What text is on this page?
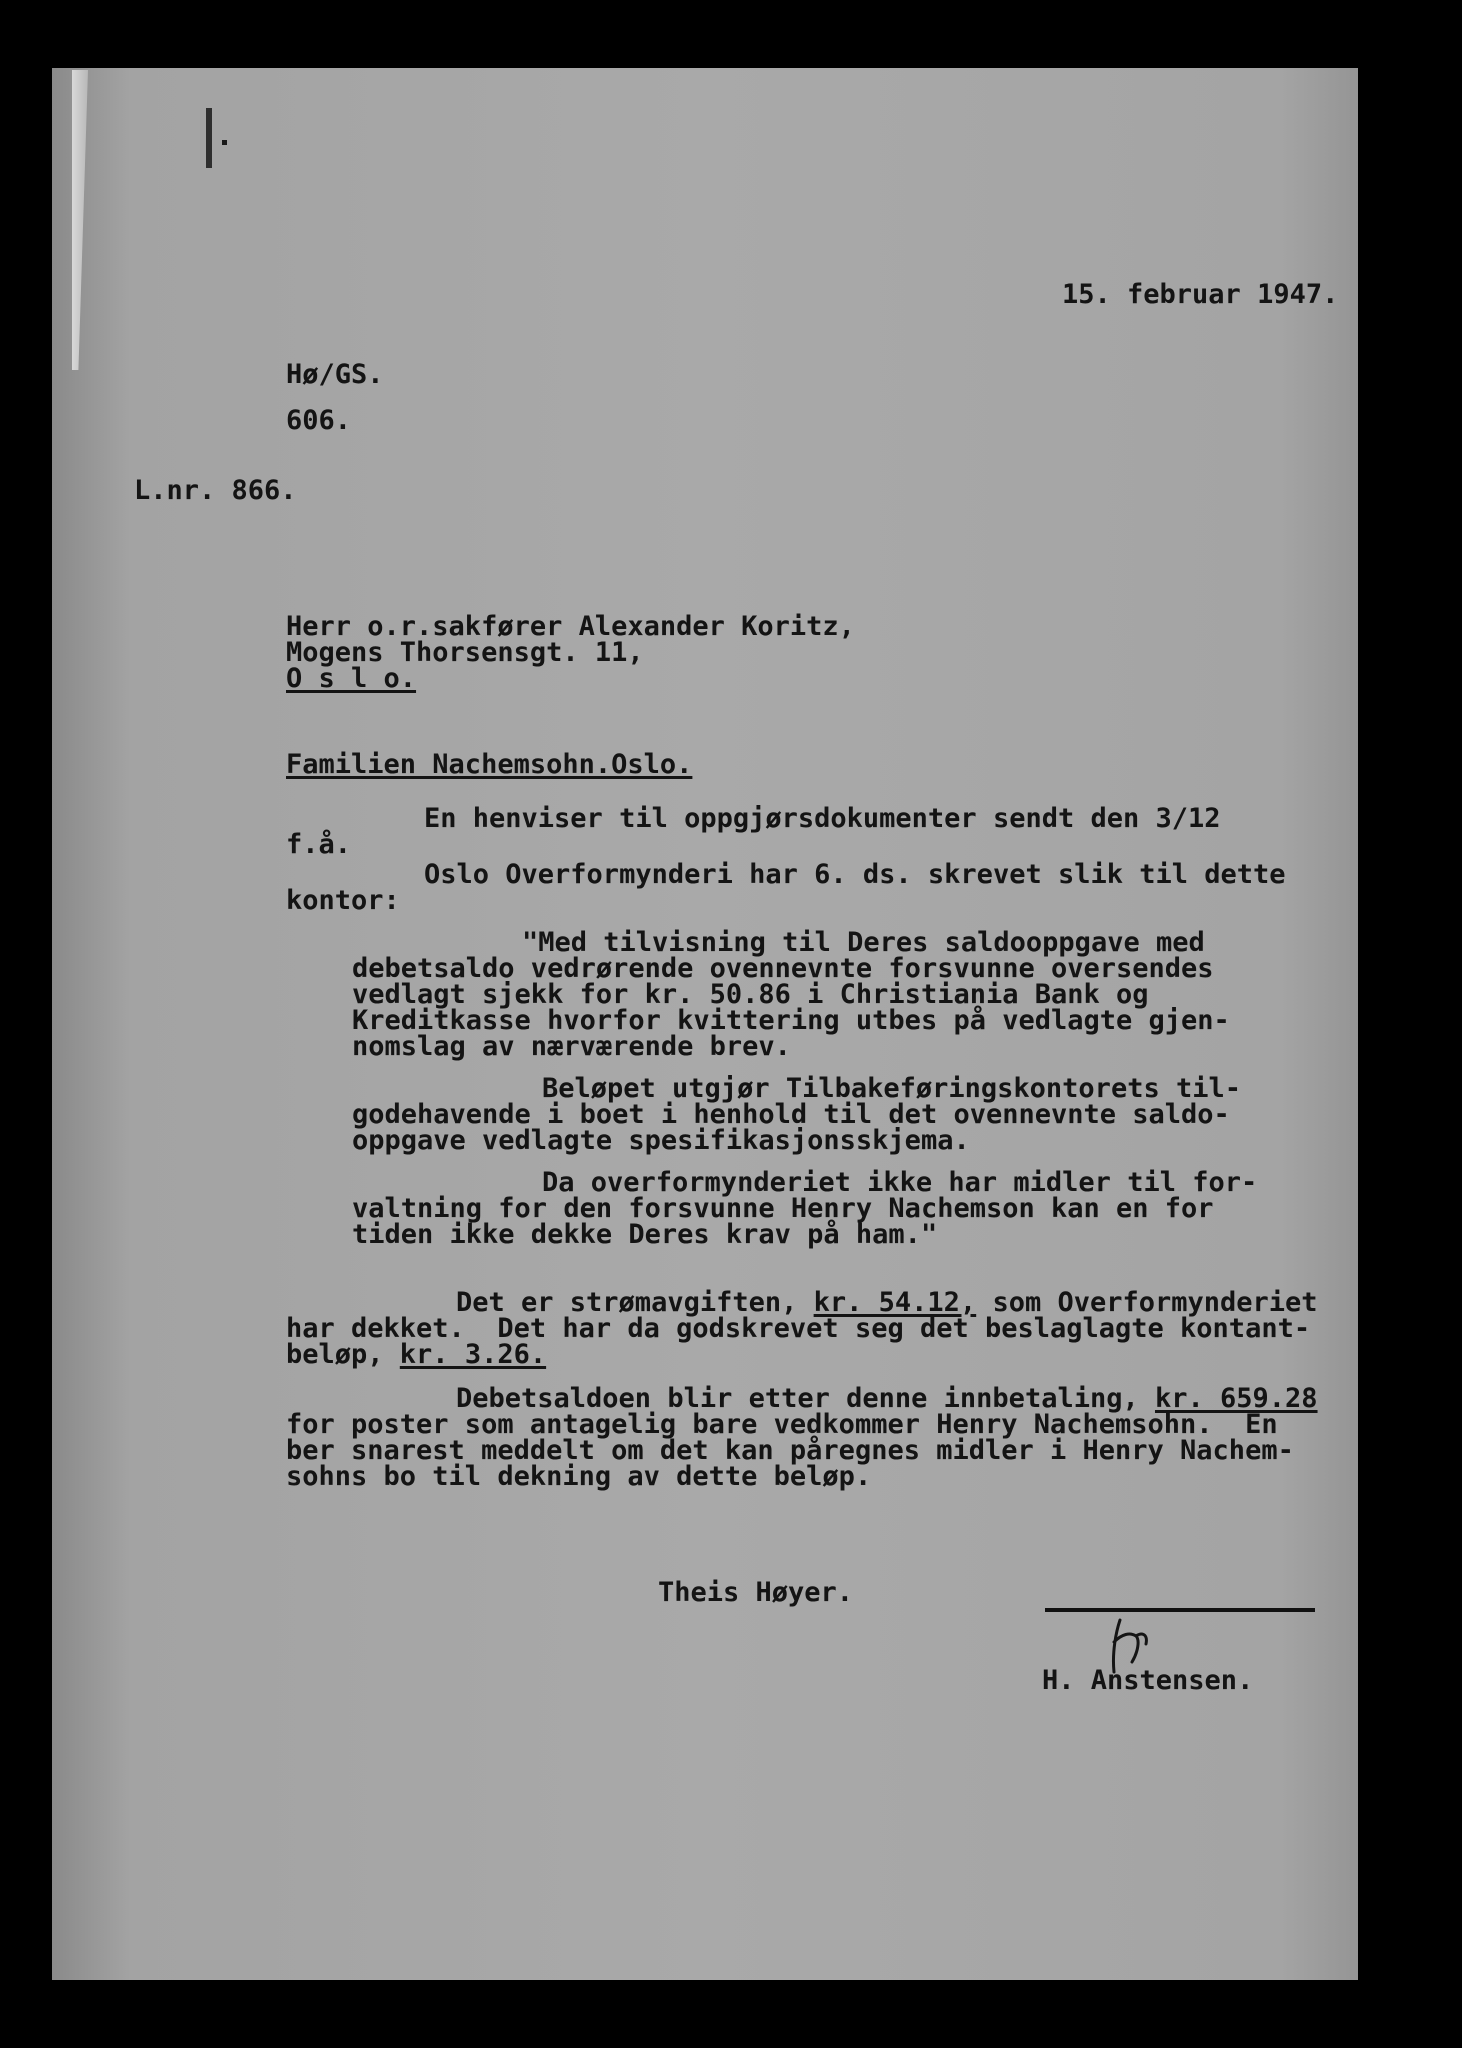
15. februar 1947.

Hø/GS.

606.

L.nr. 866.

Herr o.r.sakfører Alexander Koritz,

Mogens Thorsensgt. 11,

O s l o.

Familien Nachemsohn.Oslo.

En henviser til oppgjørsdokumenter sendt den 3/12

f.å.

Oslo Overformynderi har 6. ds. skrevet slik til dette

kontor:

"Med tilvisning til Deres saldooppgave med

debetsaldo vedrørende ovennevnte forsvunne oversendes

vedlagt sjekk for kr. 50.86 i Christiania Bank og

Kreditkasse hvorfor kvittering utbes på vedlagte gjen-

nomslag av nærværende brev.

Beløpet utgjør Tilbakeføringskontorets til-

godehavende i boet i henhold til det ovennevnte saldo-

oppgave vedlagte spesifikasjonsskjema.

Da overformynderiet ikke har midler til for-

valtning for den forsvunne Henry Nachemson kan en for

tiden ikke dekke Deres krav på ham."

Det er strømavgiften, kr. 54.12, som Overformynderiet

har dekket.  Det har da godskrevet seg det beslaglagte kontant-

beløp, kr. 3.26.

Debetsaldoen blir etter denne innbetaling, kr. 659.28

for poster som antagelig bare vedkommer Henry Nachemsohn.  En

ber snarest meddelt om det kan påregnes midler i Henry Nachem-

sohns bo til dekning av dette beløp.

Theis Høyer.

H. Anstensen.
